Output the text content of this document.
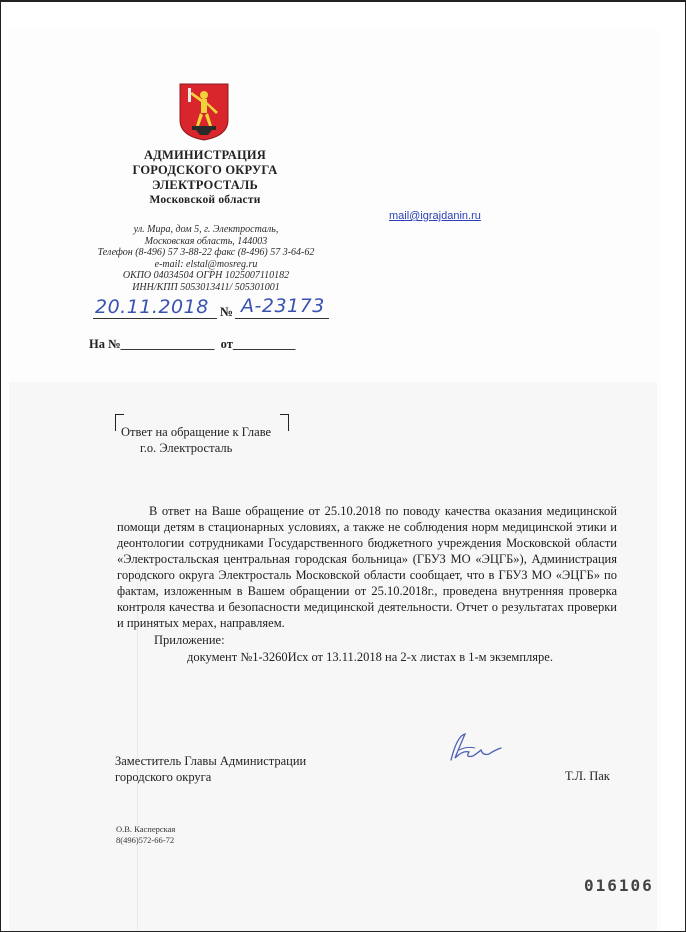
АДМИНИСТРАЦИЯ
ГОРОДСКОГО ОКРУГА
ЭЛЕКТРОСТАЛЬ
Московской области
mail@igrajdanin.ru
ул. Мира, дом 5, г. Электросталь,
Московская область, 144003
Телефон (8-496) 57 3-88-22 факс (8-496) 57 3-64-62
e-mail: elstal@mosreg.ru
ОКПО 04034504 ОГРН 1025007110182
ИНН/КПП 5053013411/ 505301001
20.11.2018 № А-23173
На №_______________  от__________
Ответ на обращение к Главе
г.о. Электросталь
В ответ на Ваше обращение от 25.10.2018 по поводу качества оказания медицинской помощи детям в стационарных условиях, а также не соблюдения норм медицинской этики и деонтологии сотрудниками Государственного бюджетного учреждения Московской области «Электростальская центральная городская больница» (ГБУЗ МО «ЭЦГБ»), Администрация городского округа Электросталь Московской области сообщает, что в ГБУЗ МО «ЭЦГБ» по фактам, изложенным в Вашем обращении от 25.10.2018г., проведена внутренняя проверка контроля качества и безопасности медицинской деятельности. Отчет о результатах проверки и принятых мерах, направляем.
Приложение:
документ №1-3260Исх от 13.11.2018 на 2-х листах в 1-м экземпляре.
Заместитель Главы Администрации
городского округа	Т.Л. Пак
О.В. Касперская
8(496)572-66-72
016106
